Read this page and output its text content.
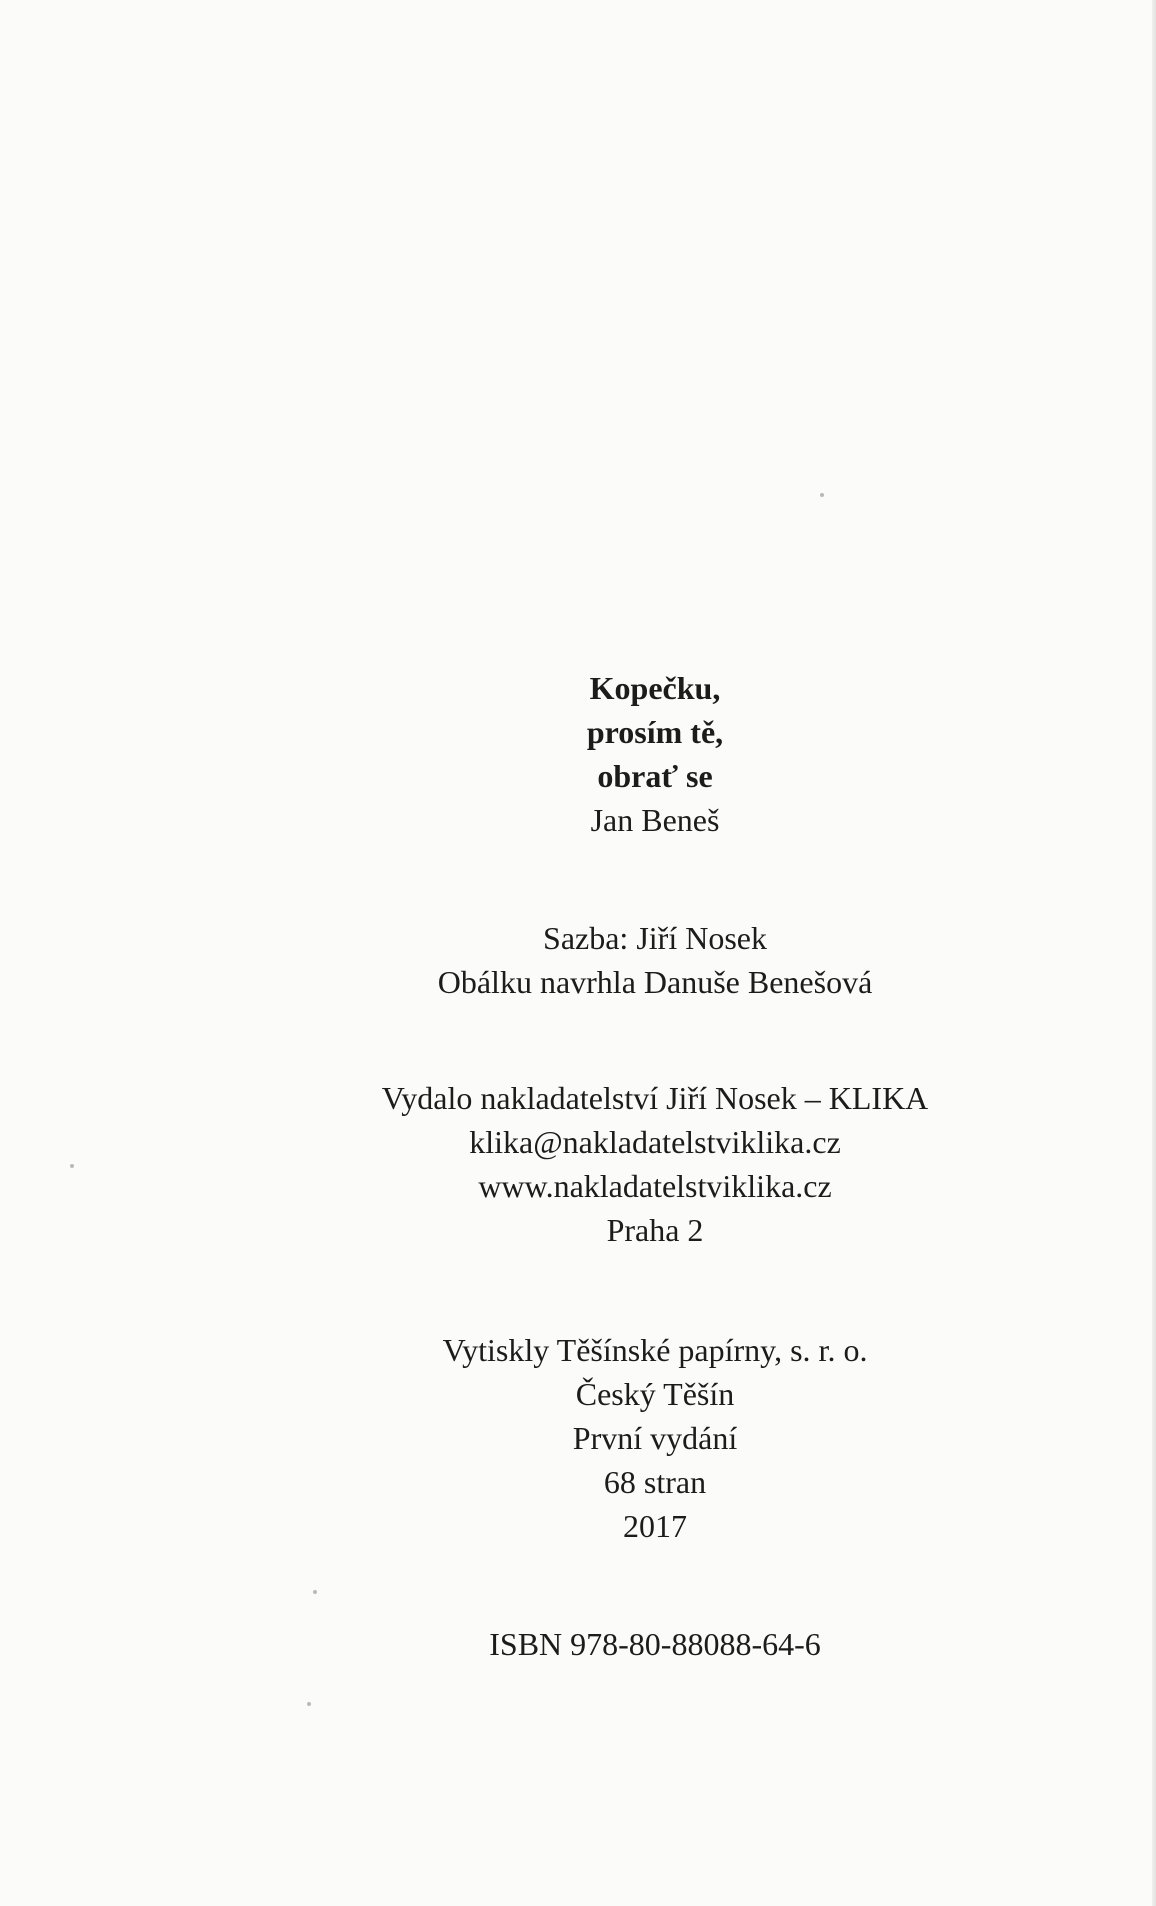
Kopečku,
prosím tě,
obrať se
Jan Beneš
Sazba: Jiří Nosek
Obálku navrhla Danuše Benešová
Vydalo nakladatelství Jiří Nosek – KLIKA
klika@nakladatelstviklika.cz
www.nakladatelstviklika.cz
Praha 2
Vytiskly Těšínské papírny, s. r. o.
Český Těšín
První vydání
68 stran
2017
ISBN 978-80-88088-64-6
